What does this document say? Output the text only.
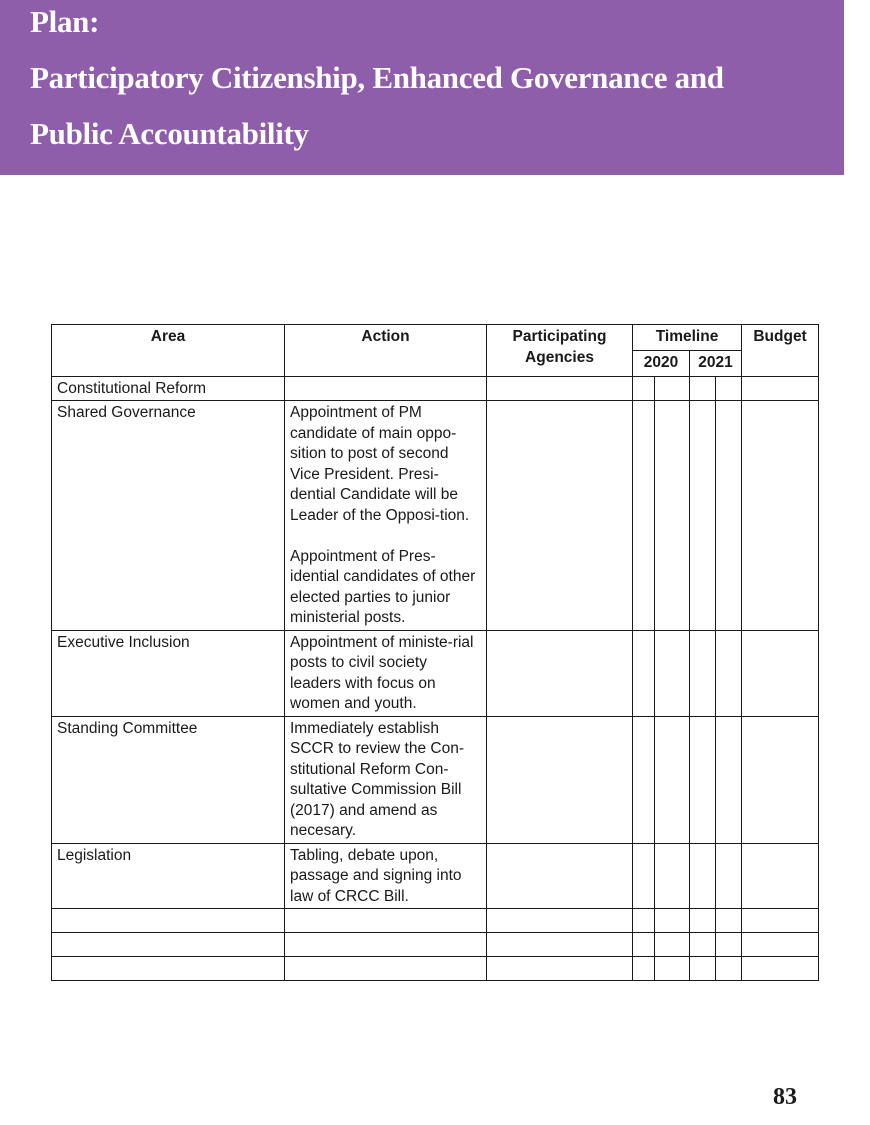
Plan:
Participatory Citizenship, Enhanced Governance and
Public Accountability
Area	Action	Participating Agencies	Timeline				Budget
			2020		2021		
Constitutional Reform							
Shared Governance	Appointment of PM candidate of main oppo-sition to post of second Vice President. Presi-dential Candidate will be Leader of the Opposi-tion.
Appointment of Pres-idential candidates of other elected parties to junior ministerial posts.						

Executive Inclusion	Appointment of ministe-rial posts to civil society leaders with focus on women and youth.						
Standing Committee	Immediately establish SCCR to review the Con-stitutional Reform Con-sultative Commission Bill (2017) and amend as necesary.						
Legislation	Tabling, debate upon, passage and signing into law of CRCC Bill.						

83
